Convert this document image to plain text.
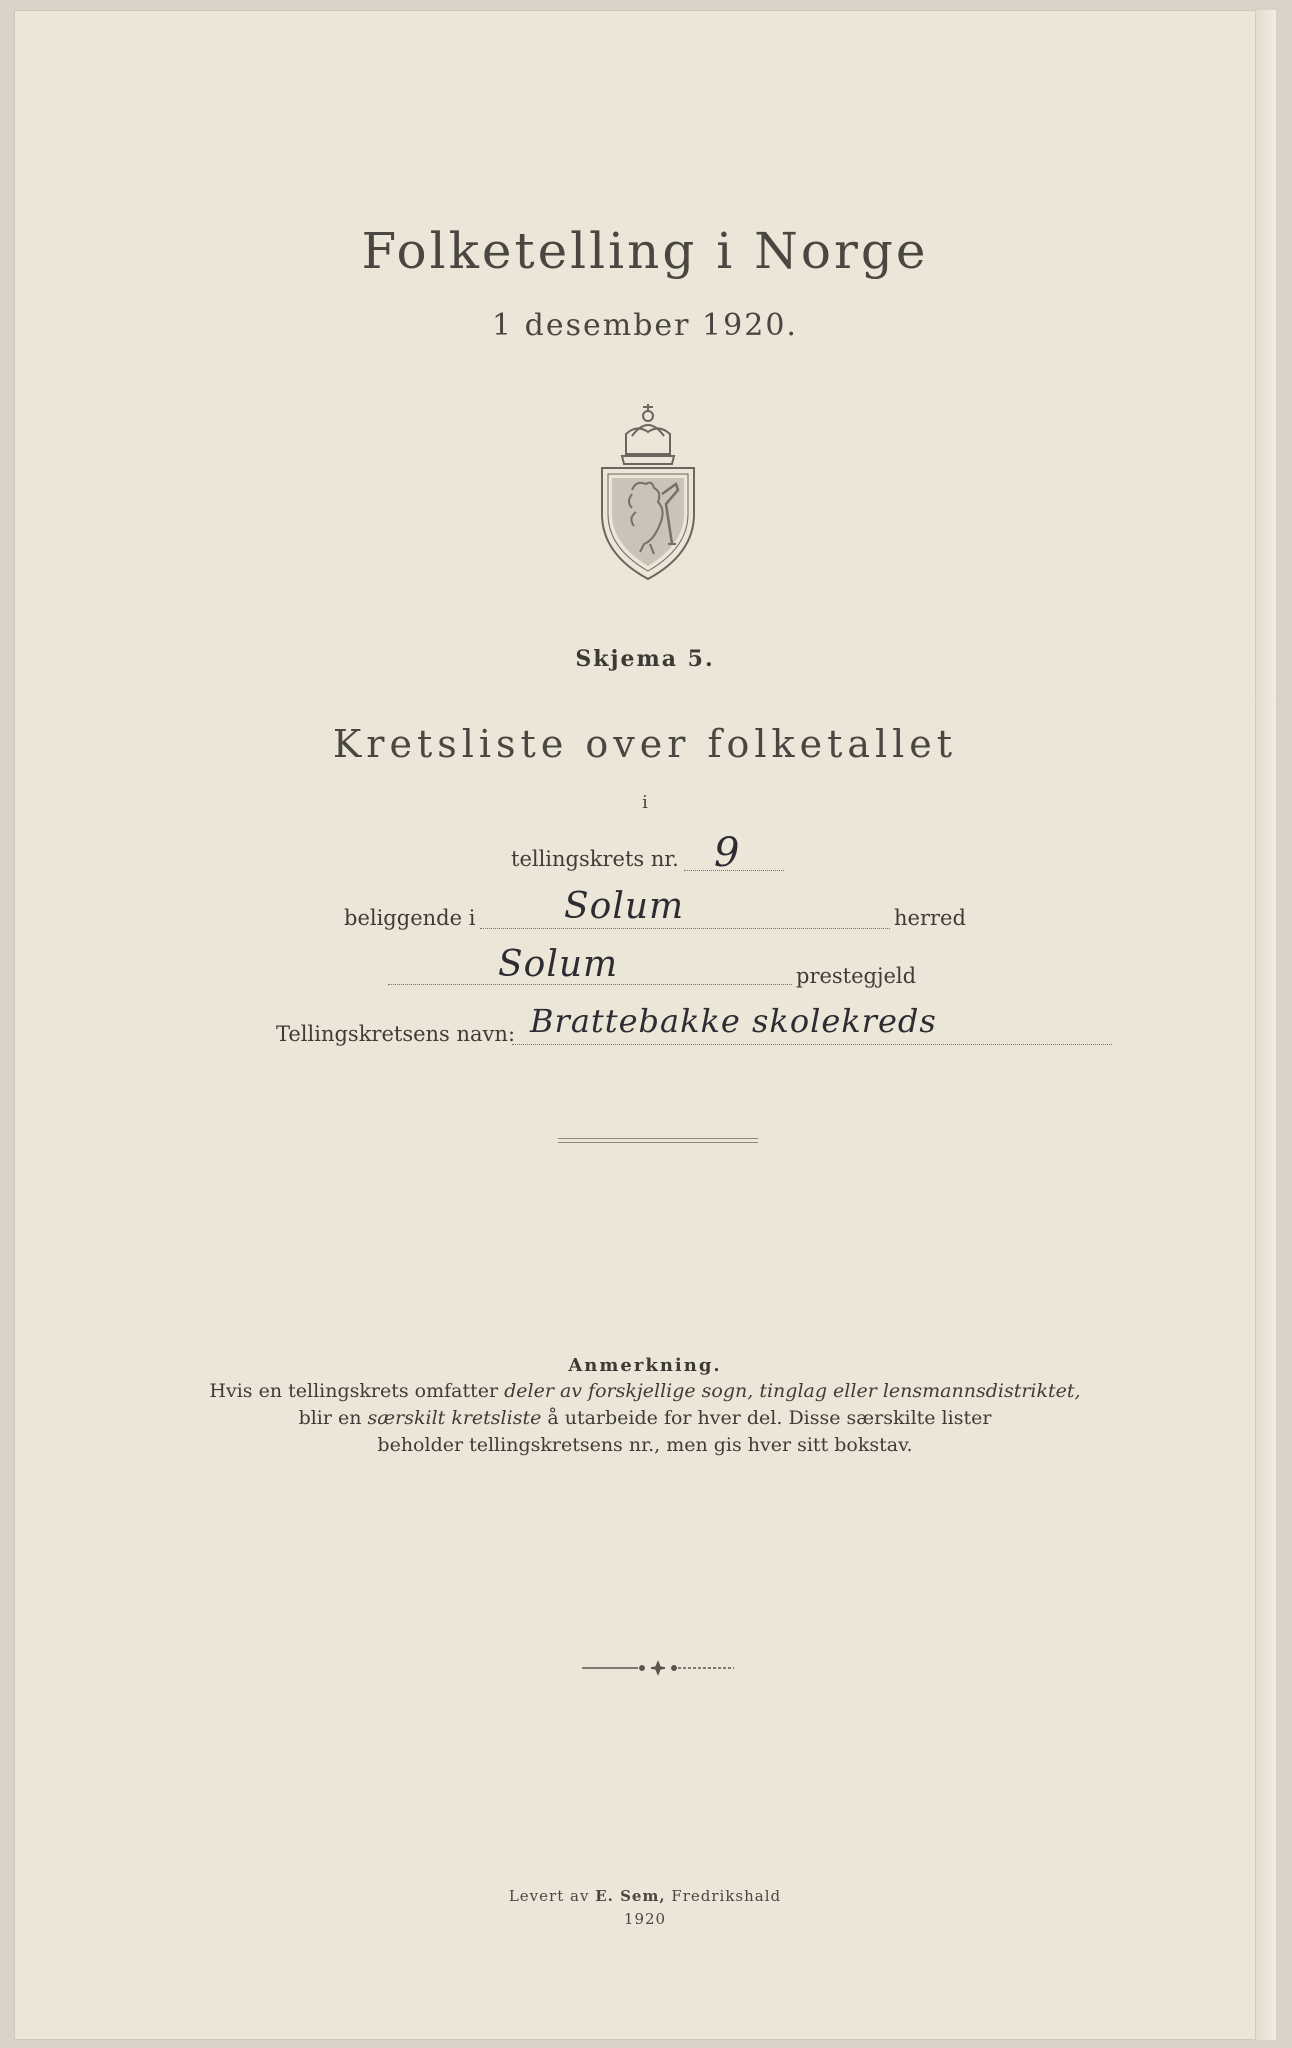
Folketelling i Norge
1 desember 1920.
Skjema 5.
Kretsliste over folketallet
i
tellingskrets nr. 9
beliggende i Solum	herred
Solum	prestegjeld
Tellingskretsens navn: Brattebakke skolekreds
Anmerkning.
Hvis en tellingskrets omfatter deler av forskjellige sogn, tinglag eller lensmannsdistriktet,
blir en særskilt kretsliste å utarbeide for hver del. Disse særskilte lister
beholder tellingskretsens nr., men gis hver sitt bokstav.
Levert av E. Sem, Fredrikshald
1920
